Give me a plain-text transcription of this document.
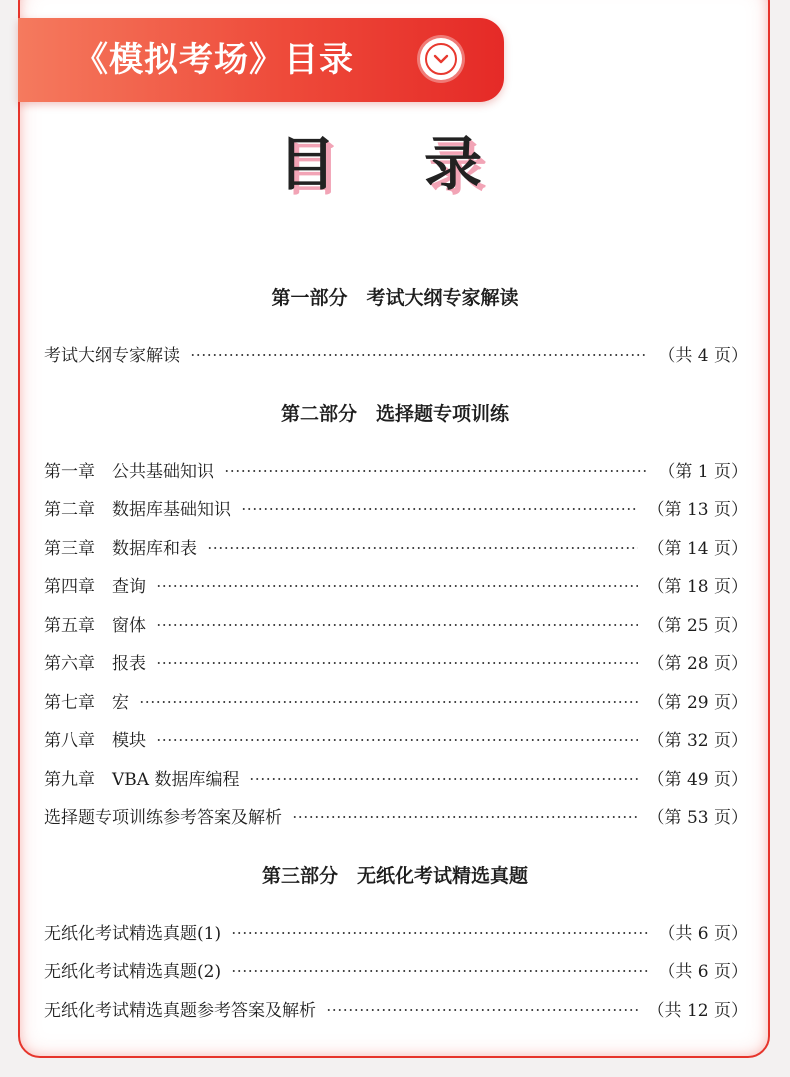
《模拟考场》目录
目 录
第一部分　考试大纲专家解读
考试大纲专家解读	（共 4 页）
第二部分　选择题专项训练
第一章　公共基础知识	（第 1 页）
第二章　数据库基础知识	（第 13 页）
第三章　数据库和表	（第 14 页）
第四章　查询	（第 18 页）
第五章　窗体	（第 25 页）
第六章　报表	（第 28 页）
第七章　宏	（第 29 页）
第八章　模块	（第 32 页）
第九章　VBA 数据库编程	（第 49 页）
选择题专项训练参考答案及解析	（第 53 页）
第三部分　无纸化考试精选真题
无纸化考试精选真题(1)	（共 6 页）
无纸化考试精选真题(2)	（共 6 页）
无纸化考试精选真题参考答案及解析	（共 12 页）
